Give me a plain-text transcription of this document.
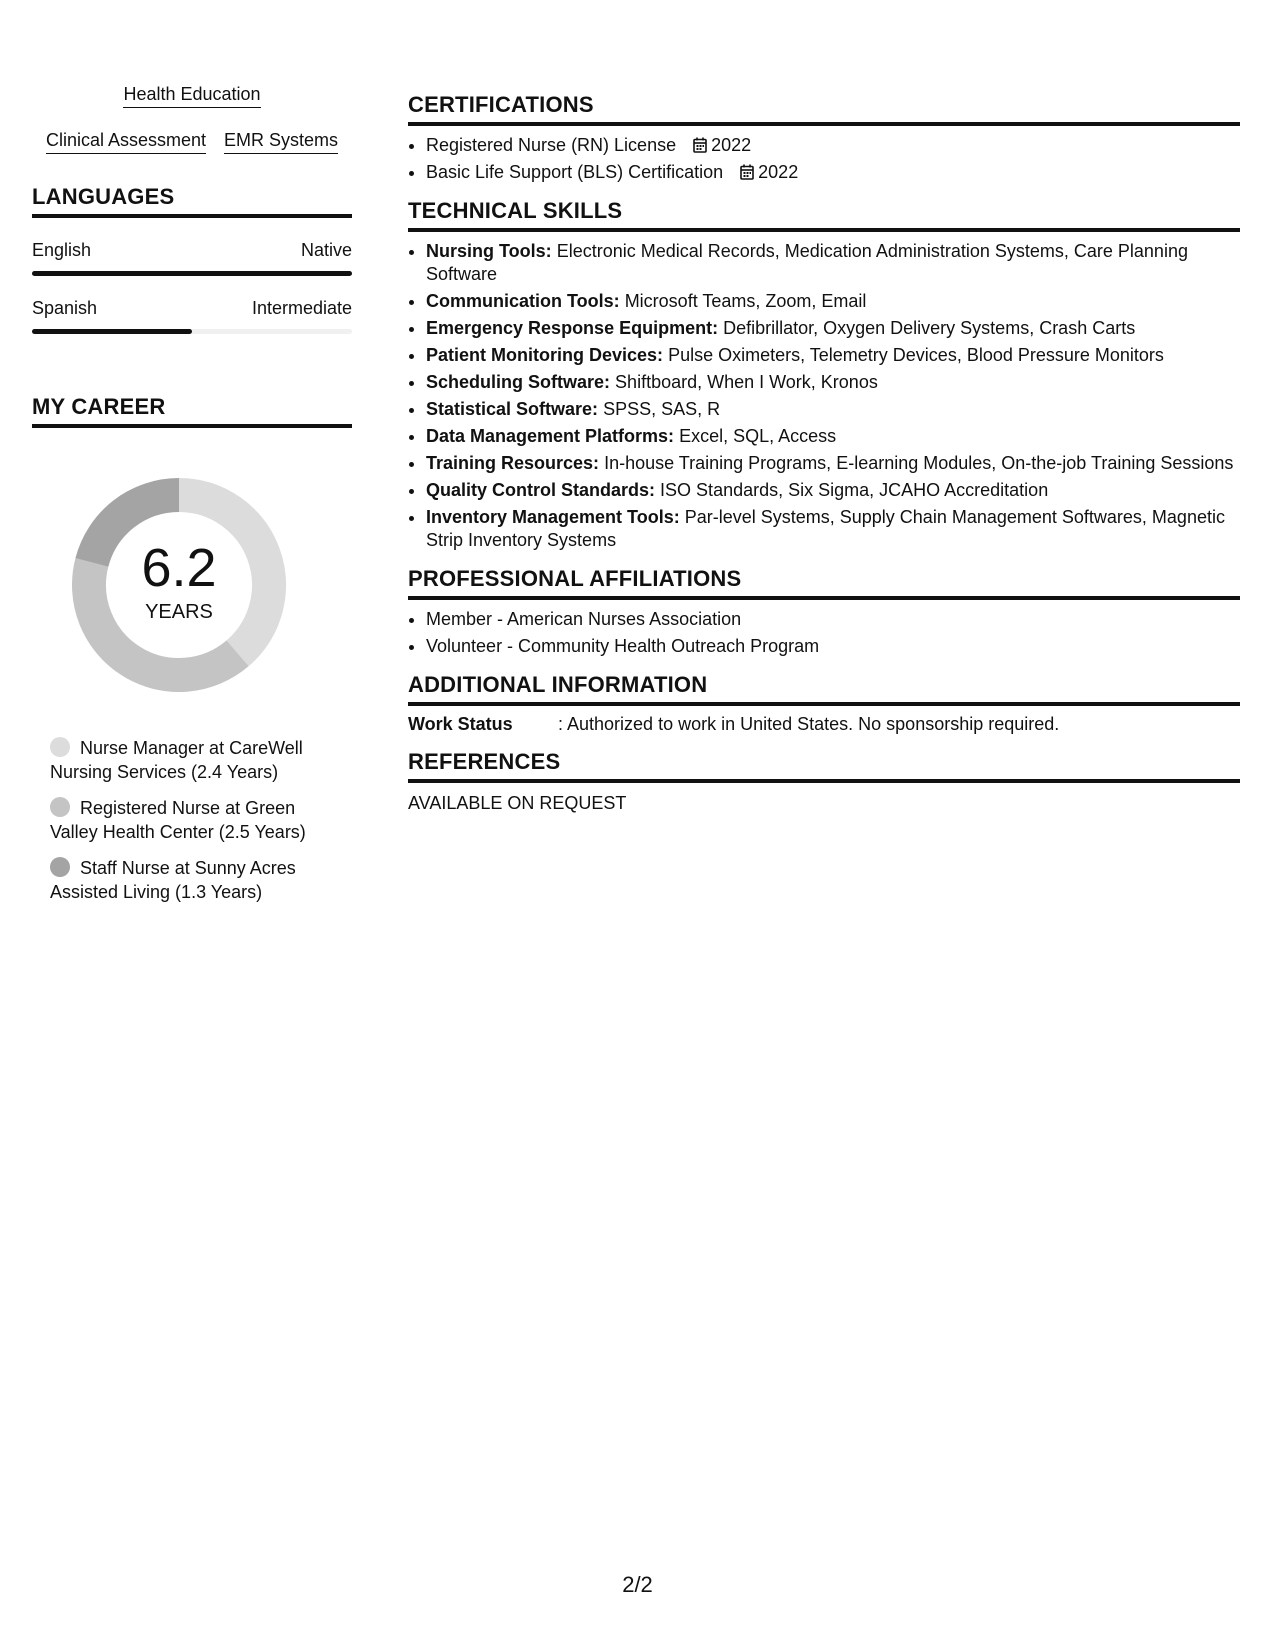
Health Education
Clinical Assessment EMR Systems
LANGUAGES
English	Native
Spanish	Intermediate
MY CAREER
6.2
YEARS
Nurse Manager at CareWell Nursing Services (2.4 Years)
Registered Nurse at Green Valley Health Center (2.5 Years)
Staff Nurse at Sunny Acres Assisted Living (1.3 Years)
CERTIFICATIONS
• Registered Nurse (RN) License 2022
• Basic Life Support (BLS) Certification 2022
TECHNICAL SKILLS
• Nursing Tools: Electronic Medical Records, Medication Administration Systems, Care Planning Software
• Communication Tools: Microsoft Teams, Zoom, Email
• Emergency Response Equipment: Defibrillator, Oxygen Delivery Systems, Crash Carts
• Patient Monitoring Devices: Pulse Oximeters, Telemetry Devices, Blood Pressure Monitors
• Scheduling Software: Shiftboard, When I Work, Kronos
• Statistical Software: SPSS, SAS, R
• Data Management Platforms: Excel, SQL, Access
• Training Resources: In-house Training Programs, E-learning Modules, On-the-job Training Sessions
• Quality Control Standards: ISO Standards, Six Sigma, JCAHO Accreditation
• Inventory Management Tools: Par-level Systems, Supply Chain Management Softwares, Magnetic Strip Inventory Systems
PROFESSIONAL AFFILIATIONS
• Member - American Nurses Association
• Volunteer - Community Health Outreach Program
ADDITIONAL INFORMATION
Work Status	: Authorized to work in United States. No sponsorship required.
REFERENCES
AVAILABLE ON REQUEST
2/2
